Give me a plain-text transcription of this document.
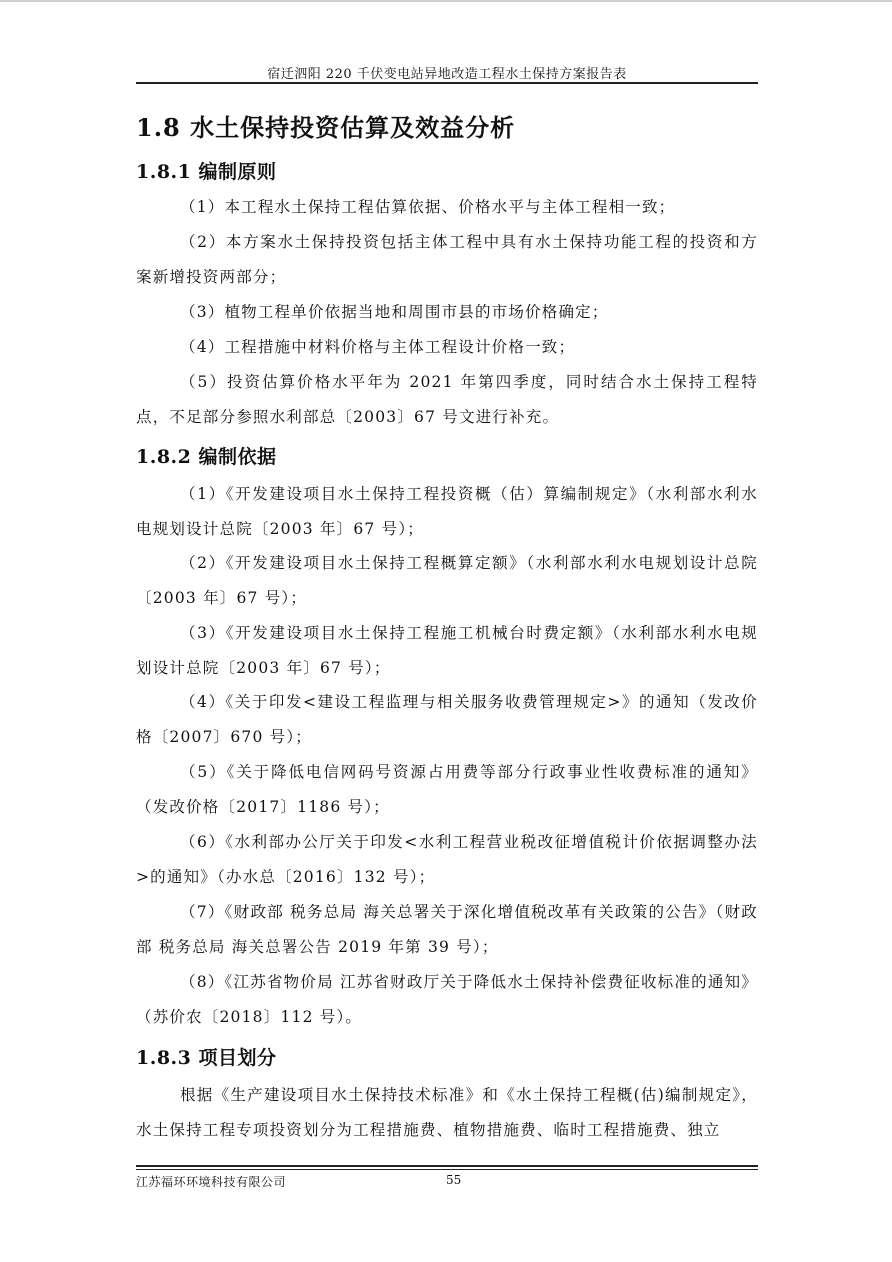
宿迁泗阳 220 千伏变电站异地改造工程水土保持方案报告表
1.8 水土保持投资估算及效益分析
1.8.1 编制原则

（1）本工程水土保持工程估算依据、价格水平与主体工程相一致；

（2）本方案水土保持投资包括主体工程中具有水土保持功能工程的投资和方案新增投资两部分；

（3）植物工程单价依据当地和周围市县的市场价格确定；

（4）工程措施中材料价格与主体工程设计价格一致；

（5）投资估算价格水平年为 2021 年第四季度，同时结合水土保持工程特点，不足部分参照水利部总〔2003〕67 号文进行补充。

1.8.2 编制依据

（1）《开发建设项目水土保持工程投资概（估）算编制规定》（水利部水利水电规划设计总院〔2003 年〕67 号）；

（2）《开发建设项目水土保持工程概算定额》（水利部水利水电规划设计总院〔2003 年〕67 号）；

（3）《开发建设项目水土保持工程施工机械台时费定额》（水利部水利水电规划设计总院〔2003 年〕67 号）；

（4）《关于印发<建设工程监理与相关服务收费管理规定>》的通知（发改价格〔2007〕670 号）；

（5）《关于降低电信网码号资源占用费等部分行政事业性收费标准的通知》（发改价格〔2017〕1186 号）；

（6）《水利部办公厅关于印发<水利工程营业税改征增值税计价依据调整办法>的通知》（办水总〔2016〕132 号）；

（7）《财政部 税务总局 海关总署关于深化增值税改革有关政策的公告》（财政部 税务总局 海关总署公告 2019 年第 39 号）；

（8）《江苏省物价局 江苏省财政厅关于降低水土保持补偿费征收标准的通知》（苏价农〔2018〕112 号）。

1.8.3 项目划分

根据《生产建设项目水土保持技术标准》和《水土保持工程概(估)编制规定》，水土保持工程专项投资划分为工程措施费、植物措施费、临时工程措施费、独立

江苏福环环境科技有限公司	55
